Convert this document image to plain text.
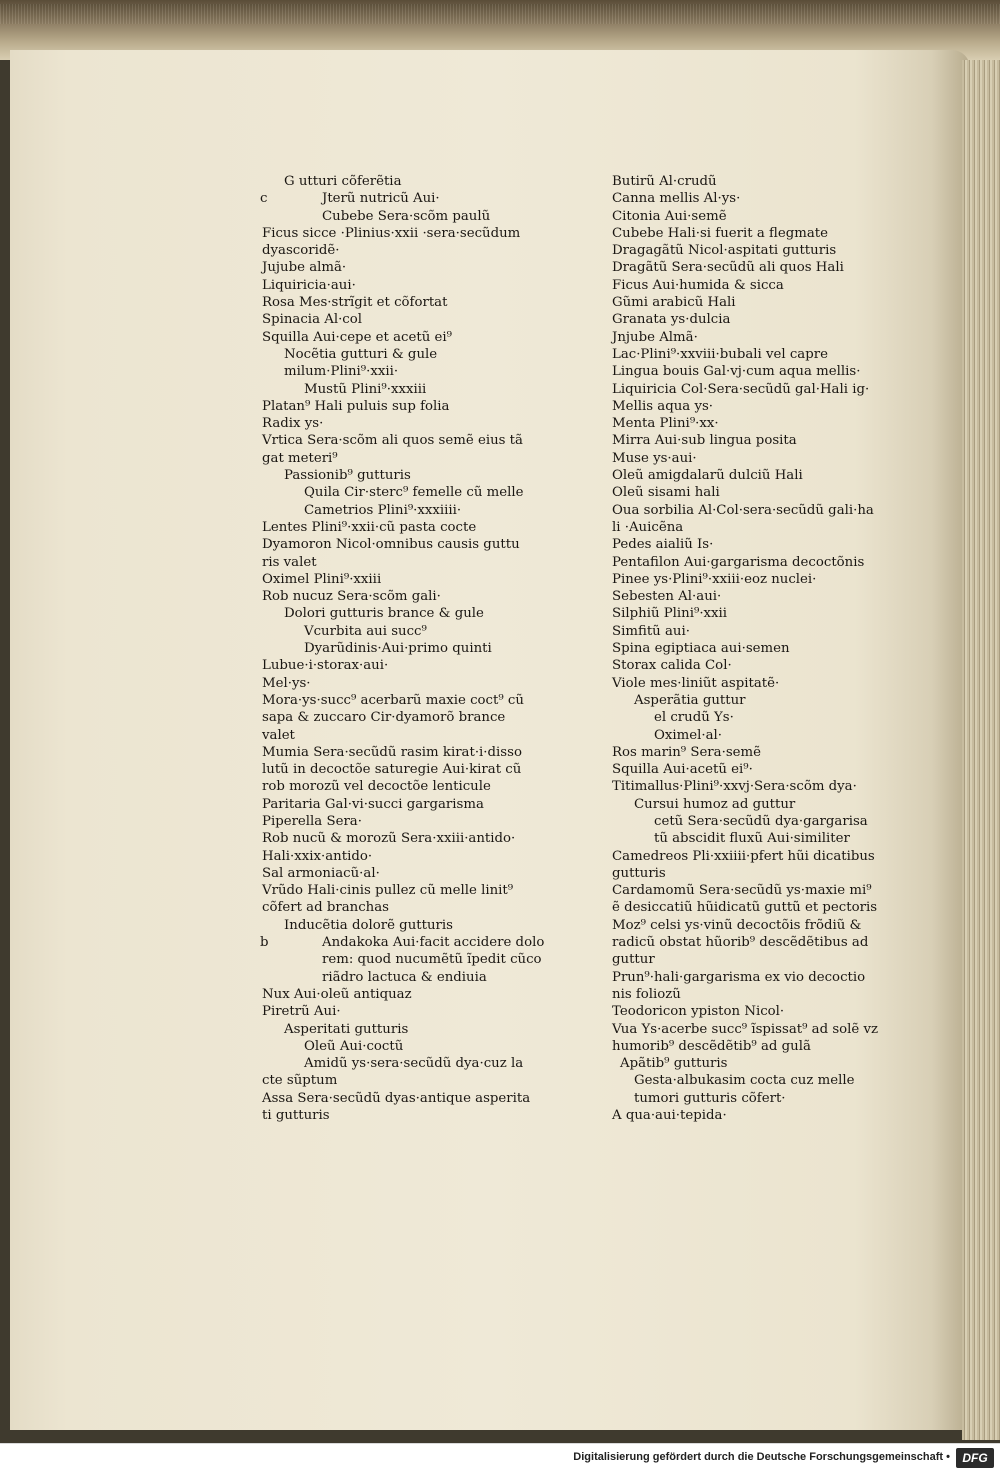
G utturi cõferẽtia
c	Jterũ nutricũ Aui·
Cubebe Sera·scõm paulũ
Ficus sicce ·Plinius·xxii ·sera·secũdum
dyascoridẽ·
Jujube almã·
Liquiricia·aui·
Rosa Mes·strĩgit et cõfortat
Spinacia Al·col
Squilla Aui·cepe et acetũ ei⁹
Nocẽtia gutturi & gule
milum·Plini⁹·xxii·
Mustũ Plini⁹·xxxiii
Platan⁹ Hali puluis sup folia
Radix ys·
Vrtica Sera·scõm ali quos semẽ eius tã
gat meteri⁹
Passionib⁹ gutturis
Quila Cir·sterc⁹ femelle cũ melle
Cametrios Plini⁹·xxxiiii·
Lentes Plini⁹·xxii·cũ pasta cocte
Dyamoron Nicol·omnibus causis guttu
ris valet
Oximel Plini⁹·xxiii
Rob nucuz Sera·scõm gali·
Dolori gutturis brance & gule
Vcurbita aui succ⁹
Dyarũdinis·Aui·primo quinti
Lubue·i·storax·aui·
Mel·ys·
Mora·ys·succ⁹ acerbarũ maxie coct⁹ cũ
sapa & zuccaro Cir·dyamorõ brance
valet
Mumia Sera·secũdũ rasim kirat·i·disso
lutũ in decoctõe saturegie Aui·kirat cũ
rob morozũ vel decoctõe lenticule
Paritaria Gal·vi·succi gargarisma
Piperella Sera·
Rob nucũ & morozũ Sera·xxiii·antido·
Hali·xxix·antido·
Sal armoniacũ·al·
Vrũdo Hali·cinis pullez cũ melle linit⁹
cõfert ad branchas
Inducẽtia dolorẽ gutturis
b	Andakoka Aui·facit accidere dolo
rem: quod nucumẽtũ ĩpedit cũco
riãdro lactuca & endiuia
Nux Aui·oleũ antiquaz
Piretrũ Aui·
Asperitati gutturis
Oleũ Aui·coctũ
Amidũ ys·sera·secũdũ dya·cuz la
cte sũptum
Assa Sera·secũdũ dyas·antique asperita
ti gutturis
Butirũ Al·crudũ
Canna mellis Al·ys·
Citonia Aui·semẽ
Cubebe Hali·si fuerit a flegmate
Dragagãtũ Nicol·aspitati gutturis
Dragãtũ Sera·secũdũ ali quos Hali
Ficus Aui·humida & sicca
Gũmi arabicũ Hali
Granata ys·dulcia
Jnjube Almã·
Lac·Plini⁹·xxviii·bubali vel capre
Lingua bouis Gal·vj·cum aqua mellis·
Liquiricia Col·Sera·secũdũ gal·Hali ig·
Mellis aqua ys·
Menta Plini⁹·xx·
Mirra Aui·sub lingua posita
Muse ys·aui·
Oleũ amigdalarũ dulciũ Hali
Oleũ sisami hali
Oua sorbilia Al·Col·sera·secũdũ gali·ha
li ·Auicẽna
Pedes aialiũ Is·
Pentafilon Aui·gargarisma decoctõnis
Pinee ys·Plini⁹·xxiii·eoz nuclei·
Sebesten Al·aui·
Silphiũ Plini⁹·xxii
Simfitũ aui·
Spina egiptiaca aui·semen
Storax calida Col·
Viole mes·liniũt aspitatẽ·
Asperãtia guttur
el crudũ Ys·
Oximel·al·
Ros marin⁹ Sera·semẽ
Squilla Aui·acetũ ei⁹·
Titimallus·Plini⁹·xxvj·Sera·scõm dya·
Cursui humoz ad guttur
cetũ Sera·secũdũ dya·gargarisa
tũ abscidit fluxũ Aui·similiter
Camedreos Pli·xxiiii·pfert hũi dicatibus
gutturis
Cardamomũ Sera·secũdũ ys·maxie mi⁹
ẽ desiccatiũ hũidicatũ guttũ et pectoris
Moz⁹ celsi ys·vinũ decoctõis frõdiũ &
radicũ obstat hũorib⁹ descẽdẽtibus ad
guttur
Prun⁹·hali·gargarisma ex vio decoctio
nis foliozũ
Teodoricon ypiston Nicol·
Vua Ys·acerbe succ⁹ ĩspissat⁹ ad solẽ vz
humorib⁹ descẽdẽtib⁹ ad gulã
Apãtib⁹ gutturis
Gesta·albukasim cocta cuz melle
tumori gutturis cõfert·
A qua·aui·tepida·
Digitalisierung gefördert durch die Deutsche Forschungsgemeinschaft •	DFG
